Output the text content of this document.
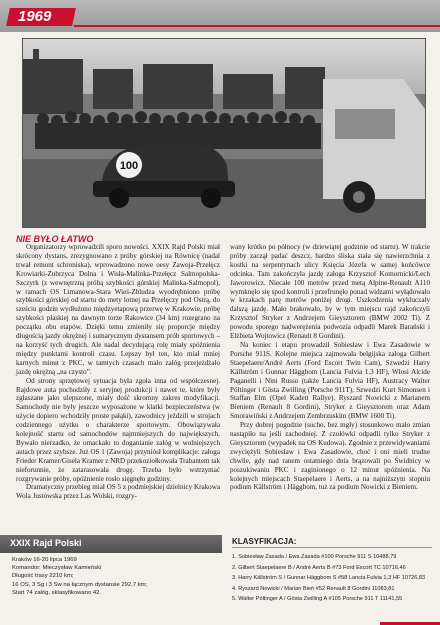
1969
100
NIE BYŁO ŁATWO

Organizatorzy wprowadzili sporo nowości. XXIX Rajd Polski miał skrócony dystans, zrezygnowano z próby górskiej na Równicę (nadal trwał remont schroniska), wprowadzono nowe oesy Zawoja-Przełęcz Krowiarki-Zubrzyca Dolna i Wisła-Malinka-Przełęcz Salmopolska-Szczyrk (z wewnętrzną próbą szybkości górskiej Malinka-Salmopol), w ramach OS Limanowa-Stara Wieś-Zbludza wyodrębniono próbę szybkości górskiej od startu do mety lotnej na Przełęczy pod Ostrą, do sześciu godzin wydłużono międzyetapową przerwę w Krakowie, próbę szybkości płaskiej na dawnym torze Rakowice (34 km) rozegrano na początku obu etapów. Dzięki temu zmieniły się proporcje między długością jazdy okrężnej i sumarycznym dystansem prób sportowych – na korzyść tych drugich. Ale nadal decydującą rolę miały spóźnienia między punktami kontroli czasu. Lepszy był ten, kto miał mniej karnych minut z PKC, w tamtych czasach mało załóg przejeżdżało jazdę okrężną „na czysto”.

Od strony sprzętowej sytuacja była zgoła inna od współczesnej. Rajdowe auta pochodziły z seryjnej produkcji i nawet te, które były zgłaszane jako ulepszone, miały dość skromny zakres modyfikacji. Samochody nie były jeszcze wyposażone w klatki bezpieczeństwa (w użycie dopiero wchodziły proste pałąki), zawodnicy jeździli w strojach codziennego użytku o charakterze sportowym. Obowiązywała kolejność startu od samochodów najmniejszych do największych. Bywało nierzadko, że omackało to doganianie załóg w wolniejszych autach przez szybsze. Już OS 1 (Zawoja) przyniósł komplikacje: załoga Frieder Kramer/Gisela Kramer z NRD przekoziołkowała Trabantem tak nieforunnie, że zatarasowała drogę. Trzeba było wstrzymać rozgrywanie próby, opóźnienie rosło sięgnęło godziny.

Dramatyczny przebieg miał OS 5 z podmiejskiej dzielnicy Krakowa Wola Justowska przez Las Wolski, rozgry-

wany krótko po północy (w dziewiątej godzinie od startu). W trakcie próby zaczął padać deszcz, bardzo śliska stała się nawierzchnia z kostki na serpentynach ulicy Księcia Józefa w samej końcówce odcinka. Tam zakończyła jazdę załoga Krzysztof Komornicki/Lech Jaworowicz. Niecałe 100 metrów przed metą Alpine-Renault A110 wymknęło się spod kontroli i przefrunęło ponad widzami wyłądowało w krzakach parę metrów poniżej drogi. Uszkodzenia wykluczały dalszą jazdę. Mało brakowało, by w tym miejscu rajd zakończyli Krzysztof Stryker z Andrzejem Gieysztorem (BMW 2002 Ti). Z powodu sporego nadwerężenia podwozia odpadli Marek Barański i Elżbieta Wojtowicz (Renault 8 Gordini).

Na koniec i etapu prowadził Sobiesław i Ewa Zasadowie w Porsche 911S. Kolejne miejsca zajmowała belgijska załoga Gilbert Staepelaere/André Aerts (Ford Escort Twin Cam), Szwedzi Harry Källström i Gunnar Häggbom (Lancia Fulvia 1.3 HF), Włosi Alcide Paganelli i Nini Russo (także Lancia Fulvia HF), Austracy Walter Pöltinger i Gösta Zwilling (Porsche 911T), Szwedzi Kurt Simonsen i Staffan Elm (Opel Kadett Rallye), Ryszard Nowicki z Marianem Bieniem (Renault 8 Gordini), Stryker z Gieysztorem oraz Adam Smorawiński z Andrzejem Zembrzuskim (BMW 1600 Ti).

Przy dobrej pogodzie (sucho, bez mgły) stosunkowo mało zmian nastąpiło na jeśli zachodniej. Z czołówki odpadli tylko Stryker z Gieysztorem (wypadek na OS Kudowa). Zgodnie z przewidywaniami zwyciężyli Sobiesław i Ewa Zasadowie, choć i oni mieli trudne chwile, gdy nad ranem ostatniego dnia brązowali po Świdnicy w poszukiwaniu PKC i zaginionego o 12 minut spóźnienia. Na kolejnych miejscach Staepelaere i Aerts, a na najniższym stopniu podium Källström i Häggbom, tuż za podium Nowicki z Bieniem.

XXIX Rajd Polski
Kraków 16-20 lipca 1969
Komandor: Mieczysław Kamieński
Długość trasy 2210 km;
16 OS, 3 Sg i 3 Sw na łącznym dystansie 292,7 km;
Start 74 załóg, sklasyfikowano 42.
KLASYFIKACJA:
1. Sobiesław Zasada / Ewa Zasada #100 Porsche 911 S 10488,79
2. Gilbert Staepelaere B / André Aerts B #73 Ford Escort TC 10716,46
3. Harry Källström S / Gunnar Häggbom S #58 Lancia Fulvia 1,3 HF 10726,83
4. Ryszard Nowicki / Marian Bień #52 Renault 8 Gordini 11083,81
5. Walter Pöltinger A / Gösta Zwilling A #105 Porsche 911 T 11141,55
